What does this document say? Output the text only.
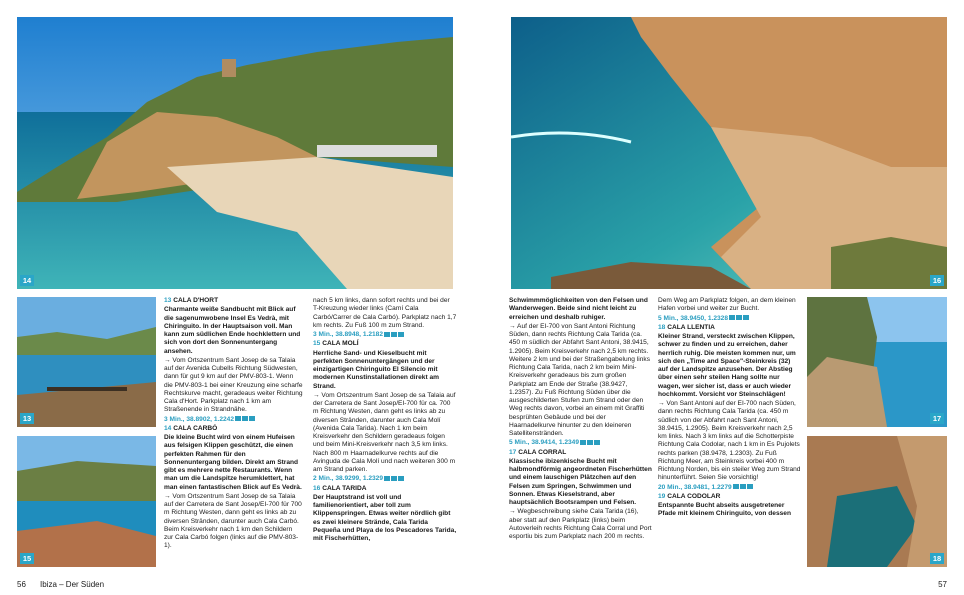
14
13
15
16
17
18

13 CALA D'HORT

Charmante weiße Sandbucht mit Blick auf die sagenumwobene Insel Es Vedrà, mit Chiringuito. In der Hauptsaison voll. Man kann zum südlichen Ende hochklettern und sich von dort den Sonnenuntergang ansehen.

→ Vom Ortszentrum Sant Josep de sa Talaia auf der Avenida Cubells Richtung Südwesten, dann für gut 9 km auf der PMV-803-1. Wenn die PMV-803-1 bei einer Kreuzung eine scharfe Rechtskurve macht, geradeaus weiter Richtung Cala d'Hort. Parkplatz nach 1 km am Straßenende in Strandnähe.

3 Min., 38.8902, 1.2242

14 CALA CARBÓ

Die kleine Bucht wird von einem Hufeisen aus felsigen Klippen geschützt, die einen perfekten Rahmen für den Sonnenuntergang bilden. Direkt am Strand gibt es mehrere nette Restaurants. Wenn man um die Landspitze herumklettert, hat man einen fantastischen Blick auf Es Vedrà.

→ Vom Ortszentrum Sant Josep de sa Talaia auf der Carretera de Sant Josep/EI-700 für 700 m Richtung Westen, dann geht es links ab zu diversen Stränden, darunter auch Cala Carbó. Beim Kreisverkehr nach 1 km den Schildern zur Cala Carbó folgen (links auf die PMV-803-1).

nach 5 km links, dann sofort rechts und bei der T-Kreuzung wieder links (Camí Cala Carbó/Carrer de Cala Carbó). Parkplatz nach 1,7 km rechts. Zu Fuß 100 m zum Strand.

3 Min., 38.8948, 1.2182

15 CALA MOLÍ

Herrliche Sand- und Kieselbucht mit perfekten Sonnenuntergängen und der einzigartigen Chiringuito El Silencio mit modernen Kunstinstallationen direkt am Strand.

→ Vom Ortszentrum Sant Josep de sa Talaia auf der Carretera de Sant Josep/EI-700 für ca. 700 m Richtung Westen, dann geht es links ab zu diversen Stränden, darunter auch Cala Molí (Avenida Cala Tarida). Nach 1 km beim Kreisverkehr den Schildern geradeaus folgen und beim Mini-Kreisverkehr nach 3,5 km links. Nach 800 m Haarnadelkurve rechts auf die Avinguda de Cala Molí und nach weiteren 300 m am Strand parken.

2 Min., 38.9299, 1.2329

16 CALA TARIDA

Der Hauptstrand ist voll und familienorientiert, aber toll zum Klippenspringen. Etwas weiter nördlich gibt es zwei kleinere Strände, Cala Tarida Pequeña und Playa de los Pescadores Tarida, mit Fischerhütten,

Schwimmmöglichkeiten von den Felsen und Wanderwegen. Beide sind nicht leicht zu erreichen und deshalb ruhiger.

→ Auf der EI-700 von Sant Antoni Richtung Süden, dann rechts Richtung Cala Tarida (ca. 450 m südlich der Abfahrt Sant Antoni, 38.9415, 1.2905). Beim Kreisverkehr nach 2,5 km rechts. Weitere 2 km und bei der Straßengabelung links Richtung Cala Tarida, nach 2 km beim Mini-Kreisverkehr geradeaus bis zum großen Parkplatz am Ende der Straße (38.9427, 1.2357). Zu Fuß Richtung Süden über die ausgeschilderten Stufen zum Strand oder den Weg rechts davon, vorbei an einem mit Graffiti besprühten Gebäude und bei der Haarnadelkurve hinunter zu den kleineren Satellitenstränden.

5 Min., 38.9414, 1.2349

17 CALA CORRAL

Klassische ibizenkische Bucht mit halbmondförmig angeordneten Fischerhütten und einem lauschigen Plätzchen auf den Felsen zum Springen, Schwimmen und Sonnen. Etwas Kieselstrand, aber hauptsächlich Bootsrampen und Felsen.

→ Wegbeschreibung siehe Cala Tarida (16), aber statt auf den Parkplatz (links) beim Autoverleih rechts Richtung Cala Corral und Port esportiu bis zum Parkplatz nach 200 m rechts.

Dem Weg am Parkplatz folgen, an dem kleinen Hafen vorbei und weiter zur Bucht.

5 Min., 38.9450, 1.2328

18 CALA LLENTIA

Kleiner Strand, versteckt zwischen Klippen, schwer zu finden und zu erreichen, daher herrlich ruhig. Die meisten kommen nur, um sich den „Time and Space"-Steinkreis (32) auf der Landspitze anzusehen. Der Abstieg über einen sehr steilen Hang sollte nur wagen, wer sicher ist, dass er auch wieder hochkommt. Vorsicht vor Steinschlägen!

→ Von Sant Antoni auf der EI-700 nach Süden, dann rechts Richtung Cala Tarida (ca. 450 m südlich von der Abfahrt nach Sant Antoni, 38.9415, 1.2905). Beim Kreisverkehr nach 2,5 km links. Nach 3 km links auf die Schotterpiste Richtung Cala Codolar, nach 1 km in Es Pujolets rechts parken (38.9478, 1.2303). Zu Fuß Richtung Meer, am Steinkreis vorbei 400 m Richtung Norden, bis ein steiler Weg zum Strand hinunterführt. Seien Sie vorsichtig!

20 Min., 38.9481, 1.2279

19 CALA CODOLAR

Entspannte Bucht abseits ausgetretener Pfade mit kleinem Chiringuito, von dessen

56 Ibiza – Der Süden	57
